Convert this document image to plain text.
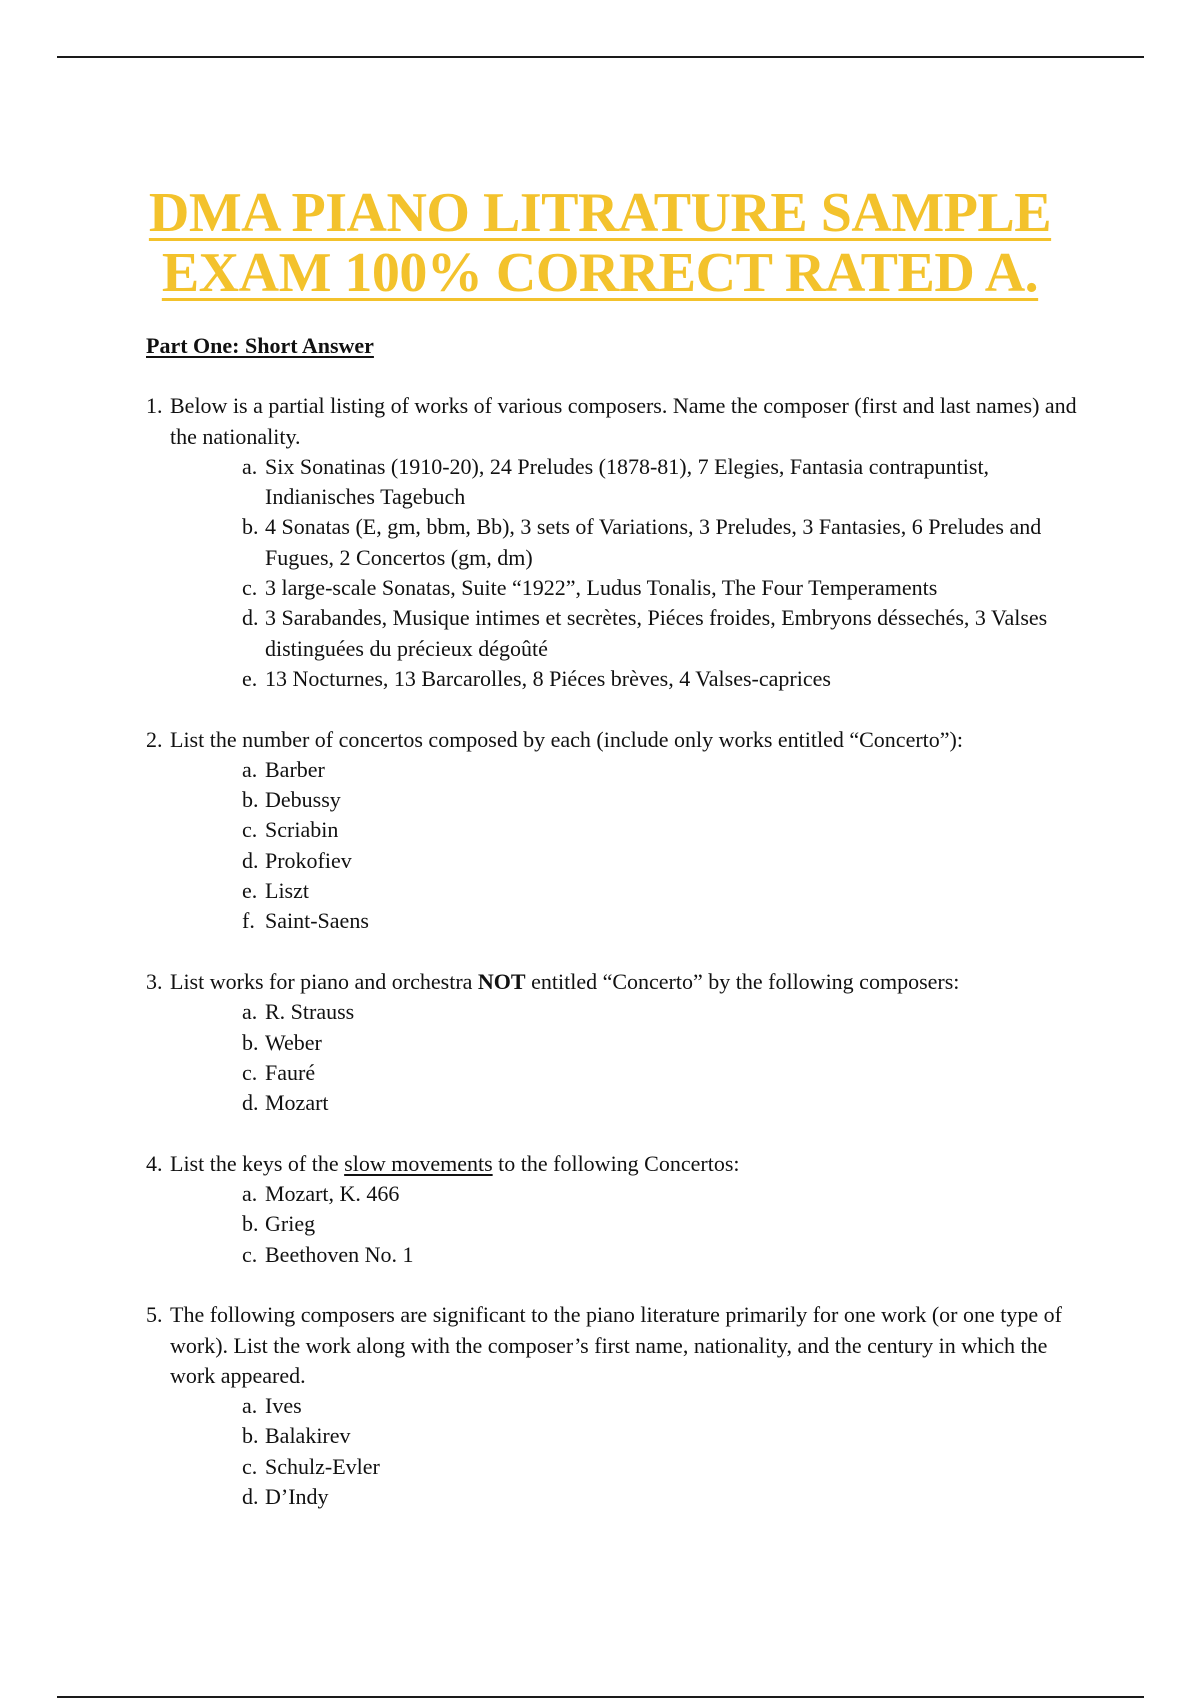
DMA PIANO LITRATURE SAMPLE
EXAM 100% CORRECT RATED A.

Part One: Short Answer

1. Below is a partial listing of works of various composers. Name the composer (first and last names) and the nationality.
a. Six Sonatinas (1910-20), 24 Preludes (1878-81), 7 Elegies, Fantasia contrapuntist, Indianisches Tagebuch
b. 4 Sonatas (E, gm, bbm, Bb), 3 sets of Variations, 3 Preludes, 3 Fantasies, 6 Preludes and Fugues, 2 Concertos (gm, dm)
c. 3 large-scale Sonatas, Suite “1922”, Ludus Tonalis, The Four Temperaments
d. 3 Sarabandes, Musique intimes et secrètes, Piéces froides, Embryons déssechés, 3 Valses distinguées du précieux dégoûté
e. 13 Nocturnes, 13 Barcarolles, 8 Piéces brèves, 4 Valses-caprices
2. List the number of concertos composed by each (include only works entitled “Concerto”):
a. Barber
b. Debussy
c. Scriabin
d. Prokofiev
e. Liszt
f. Saint-Saens
3. List works for piano and orchestra NOT entitled “Concerto” by the following composers:
a. R. Strauss
b. Weber
c. Fauré
d. Mozart
4. List the keys of the slow movements to the following Concertos:
a. Mozart, K. 466
b. Grieg
c. Beethoven No. 1
5. The following composers are significant to the piano literature primarily for one work (or one type of work). List the work along with the composer’s first name, nationality, and the century in which the work appeared.
a. Ives
b. Balakirev
c. Schulz-Evler
d. D’Indy
